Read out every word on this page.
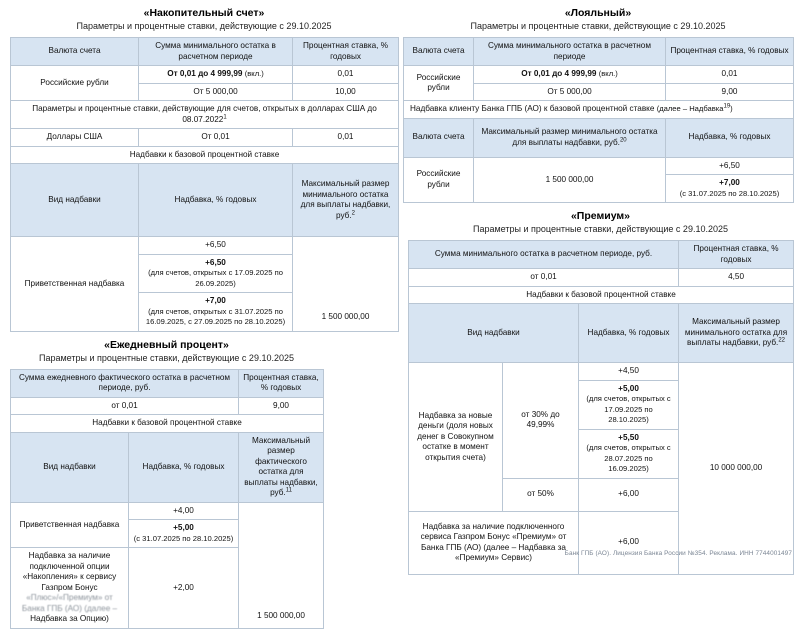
«Накопительный счет»
Параметры и процентные ставки, действующие с 29.10.2025
Валюта счета	Сумма минимального остатка в расчетном периоде	Процентная ставка, % годовых
Российские рубли	От 0,01 до 4 999,99 (вкл.)	0,01
	От 5 000,00	10,00
Параметры и процентные ставки, действующие для счетов, открытых в долларах США до 08.07.2022$^1$
Доллары США	От 0,01	0,01
Надбавки к базовой процентной ставке		
Вид надбавки	Надбавка, % годовых	Максимальный размер минимального остатка для выплаты надбавки, руб.$^2$
Приветственная надбавка	+6,50	1 500 000,00
	+6,50
(для счетов, открытых с 17.09.2025 по 26.09.2025)	
	+7,00
(для счетов, открытых с 31.07.2025 по 16.09.2025, с 27.09.2025 по 28.10.2025)	
«Ежедневный процент»
Параметры и процентные ставки, действующие с 29.10.2025
Сумма ежедневного фактического остатка в расчетном периоде, руб.		Процентная ставка, % годовых
от 0,01		9,00
Надбавки к базовой процентной ставке		
Вид надбавки	Надбавка, % годовых	Максимальный размер фактического остатка для выплаты надбавки, руб.$^{11}$
Приветственная надбавка	+4,00	1 500 000,00
	+5,00
(с 31.07.2025 по 28.10.2025)	
Надбавка за наличие
подключенной опции
«Накопления» к сервису
Газпром Бонус
«Плюс»/«Премиум» от
Банка ГПБ (АО) (далее –
Надбавка за Опцию)	+2,00
«Лояльный»
Параметры и процентные ставки, действующие с 29.10.2025
Валюта счета	Сумма минимального остатка в расчетном периоде	Процентная ставка, % годовых
Российские рубли	От 0,01 до 4 999,99 (вкл.)	0,01
	От 5 000,00	9,00
Надбавка клиенту Банка ГПБ (АО) к базовой процентной ставке (далее – Надбавка$^{19}$)		
Валюта счета	Максимальный размер минимального остатка для выплаты надбавки, руб.$^{20}$	Надбавка, % годовых
Российские рубли	1 500 000,00	+6,50
		+7,00
(с 31.07.2025 по 28.10.2025)
«Премиум»
Параметры и процентные ставки, действующие с 29.10.2025
Сумма минимального остатка в расчетном периоде, руб.			Процентная ставка, % годовых
от 0,01			4,50
Надбавки к базовой процентной ставке			
Вид надбавки		Надбавка, % годовых	Максимальный размер минимального остатка для выплаты надбавки, руб.$^{22}$
Надбавка за новые деньги (доля новых денег в Совокупном остатке в момент открытия счета)	от 30% до 49,99%	+4,50	10 000 000,00
		+5,00
(для счетов, открытых с 17.09.2025 по 28.10.2025)	
		+5,50
(для счетов, открытых с 28.07.2025 по 16.09.2025)	
	от 50%	+6,00	
Надбавка за наличие подключенного сервиса Газпром Бонус «Премиум» от Банка ГПБ (АО) (далее – Надбавка за «Премиум» Сервис)		+6,00	
Банк ГПБ (АО). Лицензия Банка России №354. Реклама. ИНН 7744001497
